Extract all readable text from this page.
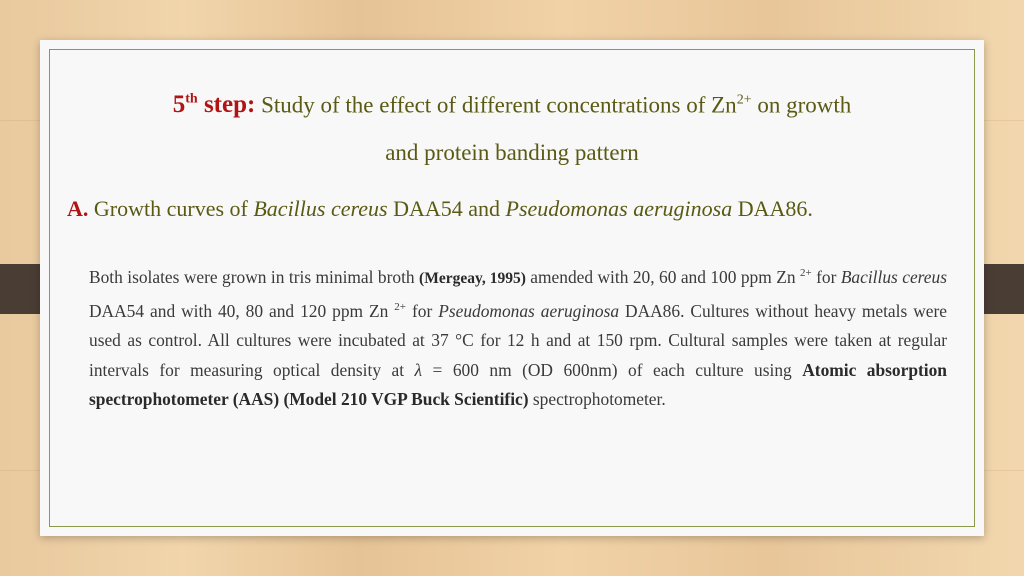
5th step: Study of the effect of different concentrations of $Zn^{2+}$ on growth
and protein banding pattern
A. Growth curves of Bacillus cereus DAA54 and Pseudomonas aeruginosa DAA86.
Both isolates were grown in tris minimal broth (Mergeay, 1995) amended with 20, 60 and 100 ppm Zn $^{2+}$ for Bacillus cereus DAA54 and with 40, 80 and 120 ppm Zn $^{2+}$ for Pseudomonas aeruginosa DAA86. Cultures without heavy metals were used as control. All cultures were incubated at 37 °C for 12 h and at 150 rpm. Cultural samples were taken at regular intervals for measuring optical density at λ = 600 nm (OD 600nm) of each culture using Atomic absorption spectrophotometer (AAS) (Model 210 VGP Buck Scientific) spectrophotometer.
